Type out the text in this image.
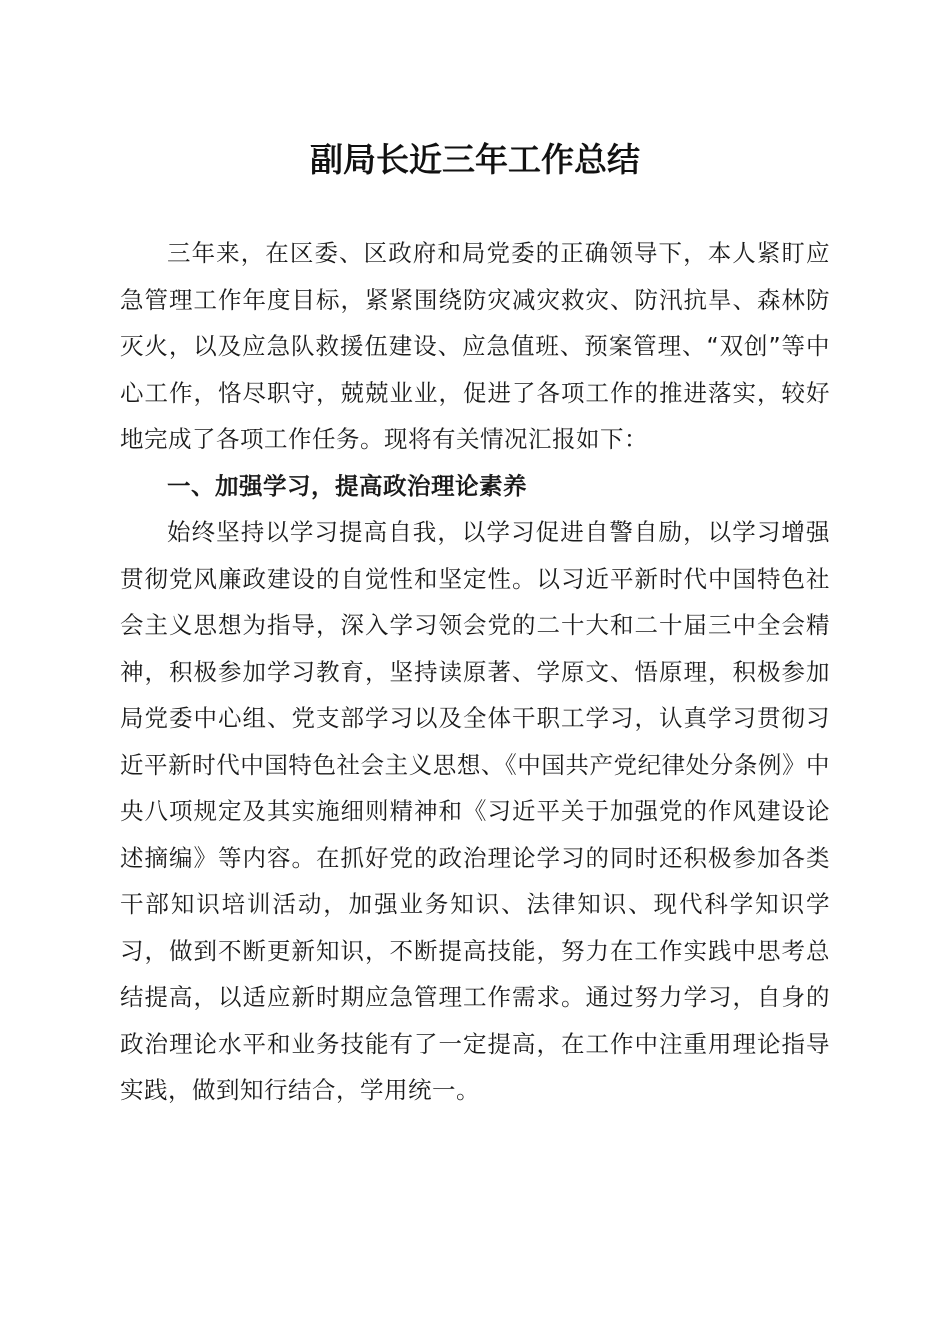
副局长近三年工作总结

三年来，在区委、区政府和局党委的正确领导下，本人紧盯应急管理工作年度目标，紧紧围绕防灾减灾救灾、防汛抗旱、森林防灭火，以及应急队救援伍建设、应急值班、预案管理、“双创”等中心工作，恪尽职守，兢兢业业，促进了各项工作的推进落实，较好地完成了各项工作任务。现将有关情况汇报如下：

一、加强学习，提高政治理论素养

始终坚持以学习提高自我，以学习促进自警自励，以学习增强贯彻党风廉政建设的自觉性和坚定性。以习近平新时代中国特色社会主义思想为指导，深入学习领会党的二十大和二十届三中全会精神，积极参加学习教育，坚持读原著、学原文、悟原理，积极参加局党委中心组、党支部学习以及全体干职工学习，认真学习贯彻习近平新时代中国特色社会主义思想、《中国共产党纪律处分条例》中央八项规定及其实施细则精神和《习近平关于加强党的作风建设论述摘编》等内容。在抓好党的政治理论学习的同时还积极参加各类干部知识培训活动，加强业务知识、法律知识、现代科学知识学习，做到不断更新知识，不断提高技能，努力在工作实践中思考总结提高，以适应新时期应急管理工作需求。通过努力学习，自身的政治理论水平和业务技能有了一定提高，在工作中注重用理论指导实践，做到知行结合，学用统一。
